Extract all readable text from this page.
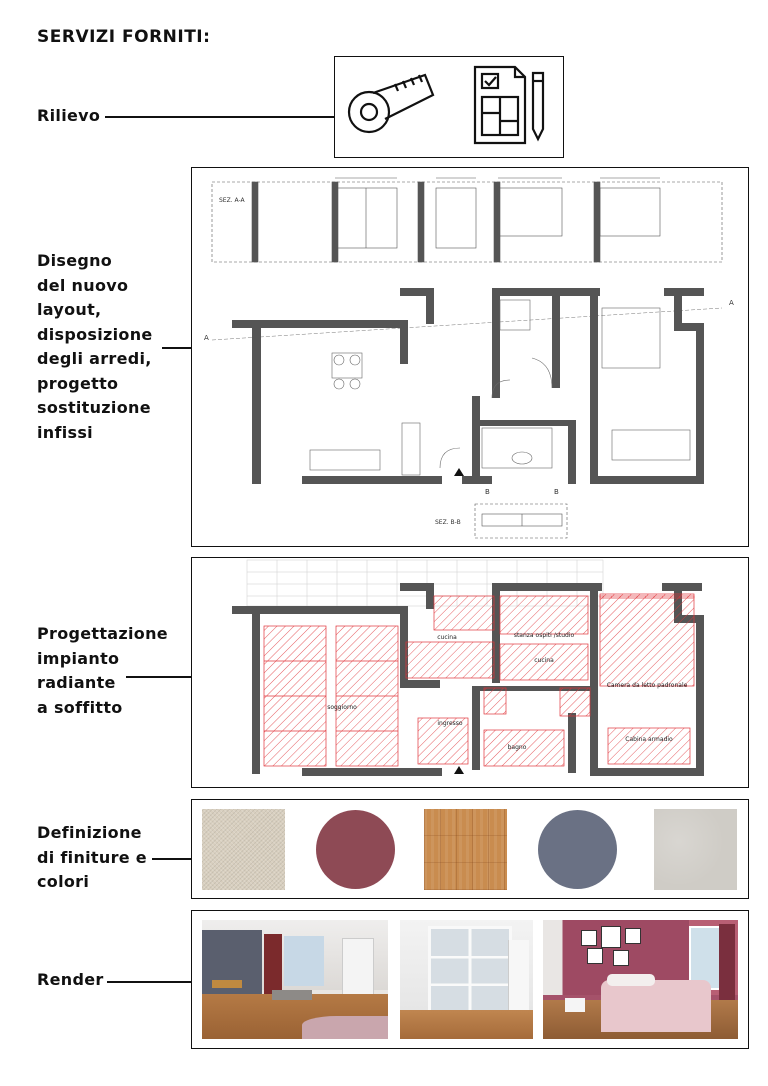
SERVIZI FORNITI:
Rilievo
Disegno
del nuovo
layout,
disposizione
degli arredi,
progetto
sostituzione
infissi
SEZ. A-A
A
A
B	B
SEZ. B-B
Progettazione
impianto
radiante
a soffitto	soggiorno
cucina	stanza ospiti /studio
cucina
ingresso
bagno
Camera da letto padronale
Cabina armadio
Definizione
di finiture e
colori
Render
